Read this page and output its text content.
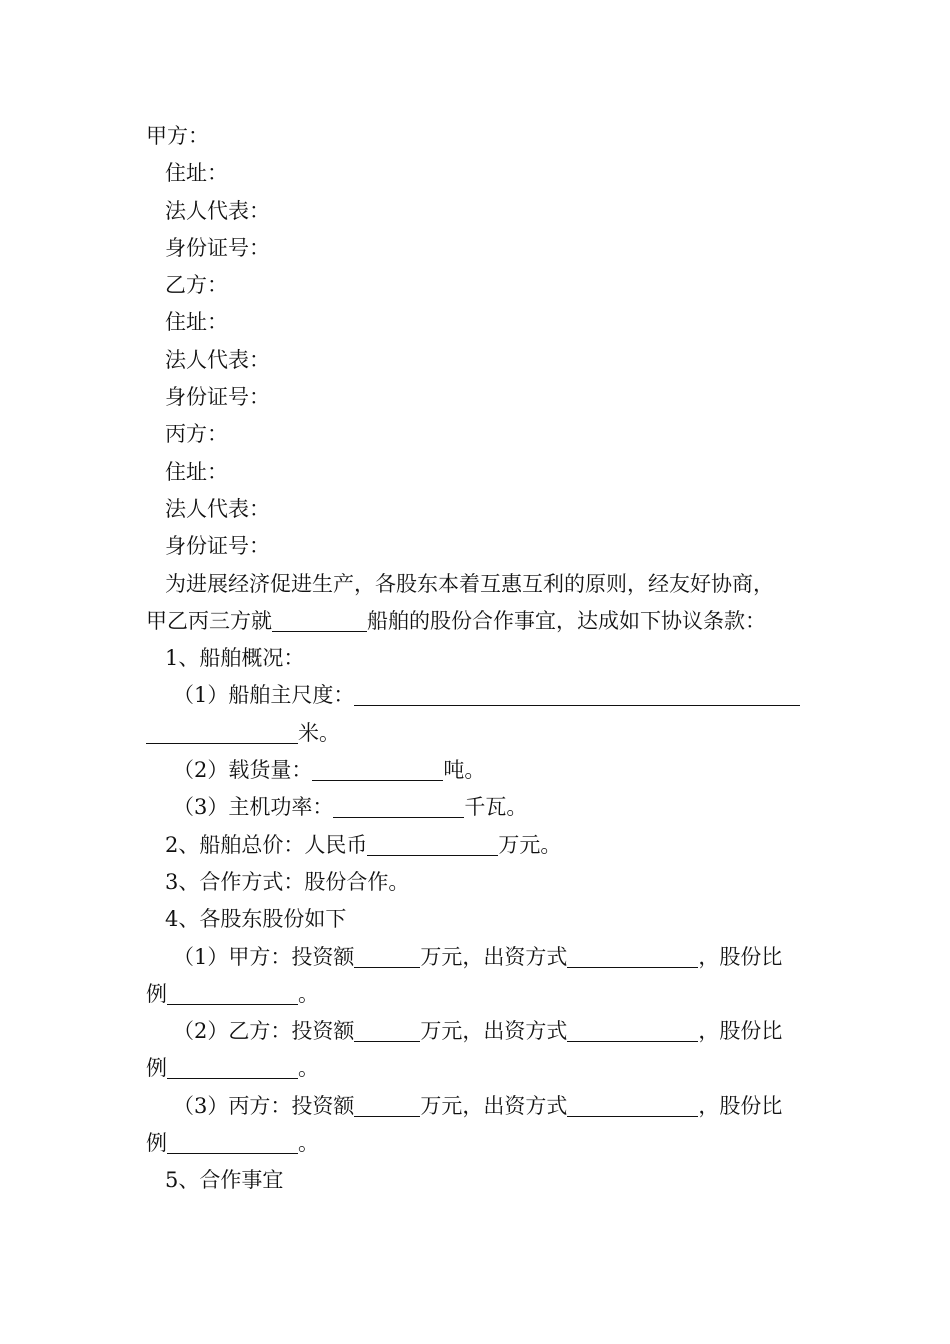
甲方：
住址：
法人代表：
身份证号：
乙方：
住址：
法人代表：
身份证号：
丙方：
住址：
法人代表：
身份证号：
为进展经济促进生产，各股东本着互惠互利的原则，经友好协商，
甲乙丙三方就	船舶的股份合作事宜，达成如下协议条款：
1、船舶概况：
（1）船舶主尺度：
米。
（2）载货量：	吨。
（3）主机功率：	千瓦。
2、船舶总价：人民币	万元。
3、合作方式：股份合作。
4、各股东股份如下
（1）甲方：投资额	万元，出资方式	，股份比
例	。
（2）乙方：投资额	万元，出资方式	，股份比
例	。
（3）丙方：投资额	万元，出资方式	，股份比
例	。
5、合作事宜
